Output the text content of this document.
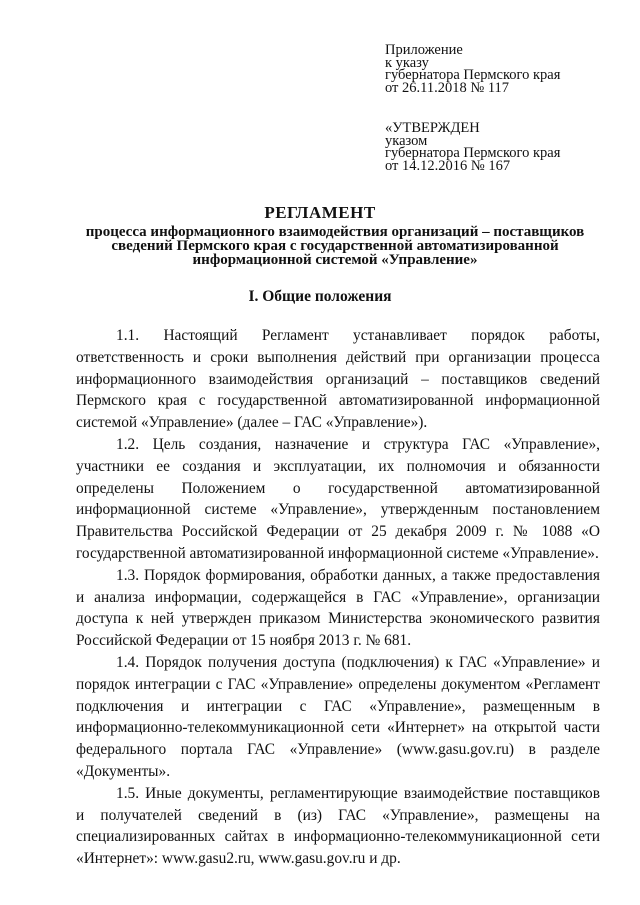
Приложение
к указу
губернатора Пермского края
от 26.11.2018 № 117
«УТВЕРЖДЕН
указом
губернатора Пермского края
от 14.12.2016 № 167
РЕГЛАМЕНТ
процесса информационного взаимодействия организаций – поставщиков сведений Пермского края с государственной автоматизированной информационной системой «Управление»
I. Общие положения

1.1. Настоящий Регламент устанавливает порядок работы, ответственность и сроки выполнения действий при организации процесса информационного взаимодействия организаций – поставщиков сведений Пермского края с государственной автоматизированной информационной системой «Управление» (далее – ГАС «Управление»).

1.2. Цель создания, назначение и структура ГАС «Управление», участники ее создания и эксплуатации, их полномочия и обязанности определены Положением о государственной автоматизированной информационной системе «Управление», утвержденным постановлением Правительства Российской Федерации от 25 декабря 2009 г. № 1088 «О государственной автоматизированной информационной системе «Управление».

1.3. Порядок формирования, обработки данных, а также предоставления и анализа информации, содержащейся в ГАС «Управление», организации доступа к ней утвержден приказом Министерства экономического развития Российской Федерации от 15 ноября 2013 г. № 681.

1.4. Порядок получения доступа (подключения) к ГАС «Управление» и порядок интеграции с ГАС «Управление» определены документом «Регламент подключения и интеграции с ГАС «Управление», размещенным в информационно-телекоммуникационной сети «Интернет» на открытой части федерального портала ГАС «Управление» (www.gasu.gov.ru) в разделе «Документы».

1.5. Иные документы, регламентирующие взаимодействие поставщиков и получателей сведений в (из) ГАС «Управление», размещены на специализированных сайтах в информационно-телекоммуникационной сети «Интернет»: www.gasu2.ru, www.gasu.gov.ru и др.
